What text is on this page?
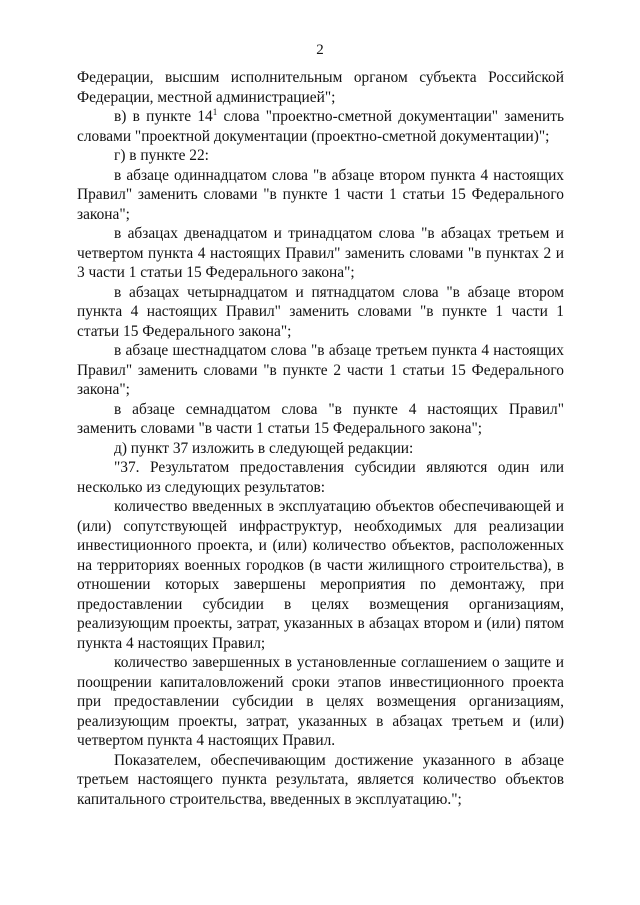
2

Федерации, высшим исполнительным органом субъекта Российской Федерации, местной администрацией";

в) в пункте $14^1$ слова "проектно-сметной документации" заменить словами "проектной документации (проектно-сметной документации)";

г) в пункте 22:

в абзаце одиннадцатом слова "в абзаце втором пункта 4 настоящих Правил" заменить словами "в пункте 1 части 1 статьи 15 Федерального закона";

в абзацах двенадцатом и тринадцатом слова "в абзацах третьем и четвертом пункта 4 настоящих Правил" заменить словами "в пунктах 2 и 3 части 1 статьи 15 Федерального закона";

в абзацах четырнадцатом и пятнадцатом слова "в абзаце втором пункта 4 настоящих Правил" заменить словами "в пункте 1 части 1 статьи 15 Федерального закона";

в абзаце шестнадцатом слова "в абзаце третьем пункта 4 настоящих Правил" заменить словами "в пункте 2 части 1 статьи 15 Федерального закона";

в абзаце семнадцатом слова "в пункте 4 настоящих Правил" заменить словами "в части 1 статьи 15 Федерального закона";

д) пункт 37 изложить в следующей редакции:

"37. Результатом предоставления субсидии являются один или несколько из следующих результатов:

количество введенных в эксплуатацию объектов обеспечивающей и (или) сопутствующей инфраструктур, необходимых для реализации инвестиционного проекта, и (или) количество объектов, расположенных на территориях военных городков (в части жилищного строительства), в отношении которых завершены мероприятия по демонтажу, при предоставлении субсидии в целях возмещения организациям, реализующим проекты, затрат, указанных в абзацах втором и (или) пятом пункта 4 настоящих Правил;

количество завершенных в установленные соглашением о защите и поощрении капиталовложений сроки этапов инвестиционного проекта при предоставлении субсидии в целях возмещения организациям, реализующим проекты, затрат, указанных в абзацах третьем и (или) четвертом пункта 4 настоящих Правил.

Показателем, обеспечивающим достижение указанного в абзаце третьем настоящего пункта результата, является количество объектов капитального строительства, введенных в эксплуатацию.";
